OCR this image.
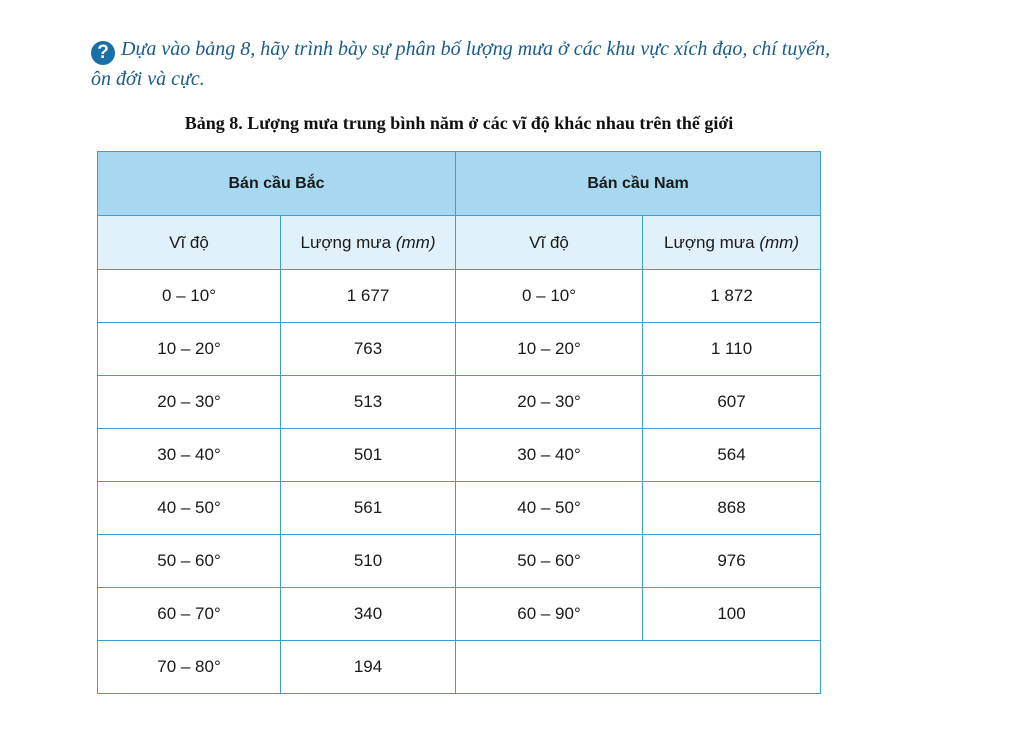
? Dựa vào bảng 8, hãy trình bày sự phân bố lượng mưa ở các khu vực xích đạo, chí tuyến, ôn đới và cực.
Bảng 8. Lượng mưa trung bình năm ở các vĩ độ khác nhau trên thế giới
Bán cầu Bắc		Bán cầu Nam	
Vĩ độ	Lượng mưa (mm)	Vĩ độ	Lượng mưa (mm)
0 – 10°	1 677	0 – 10°	1 872
10 – 20°	763	10 – 20°	1 110
20 – 30°	513	20 – 30°	607
30 – 40°	501	30 – 40°	564
40 – 50°	561	40 – 50°	868
50 – 60°	510	50 – 60°	976
60 – 70°	340	60 – 90°	100
70 – 80°	194		
